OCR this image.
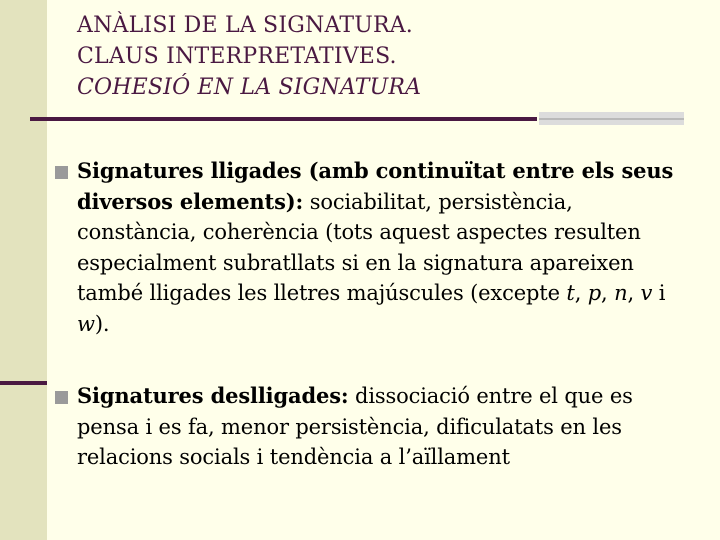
ANÀLISI DE LA SIGNATURA.
CLAUS INTERPRETATIVES.
COHESIÓ EN LA SIGNATURA
Signatures lligades (amb continuïtat entre els seus diversos elements): sociabilitat, persistència, constància, coherència (tots aquest aspectes resulten especialment subratllats si en la signatura apareixen també lligades les lletres majúscules (excepte t, p, n, v i w).
Signatures deslligades: dissociació entre el que es pensa i es fa, menor persistència, dificulatats en les relacions socials i tendència a l’aïllament
